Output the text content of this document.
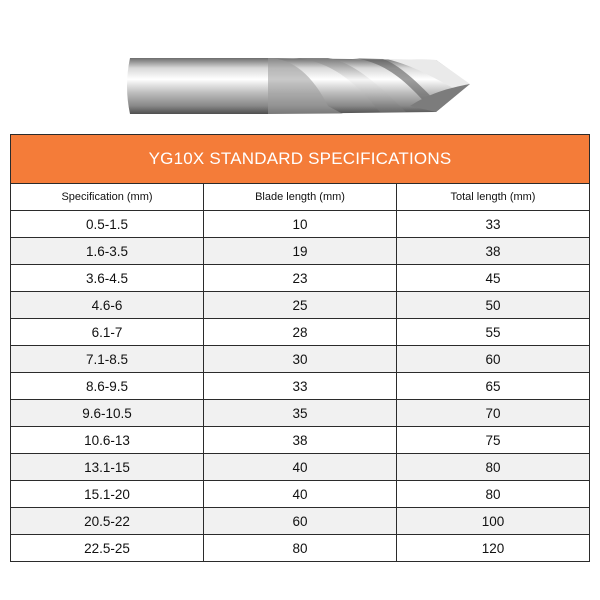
YG10X STANDARD SPECIFICATIONS		
Specification (mm)	Blade length (mm)	Total length (mm)
0.5-1.5	10	33
1.6-3.5	19	38
3.6-4.5	23	45
4.6-6	25	50
6.1-7	28	55
7.1-8.5	30	60
8.6-9.5	33	65
9.6-10.5	35	70
10.6-13	38	75
13.1-15	40	80
15.1-20	40	80
20.5-22	60	100
22.5-25	80	120
